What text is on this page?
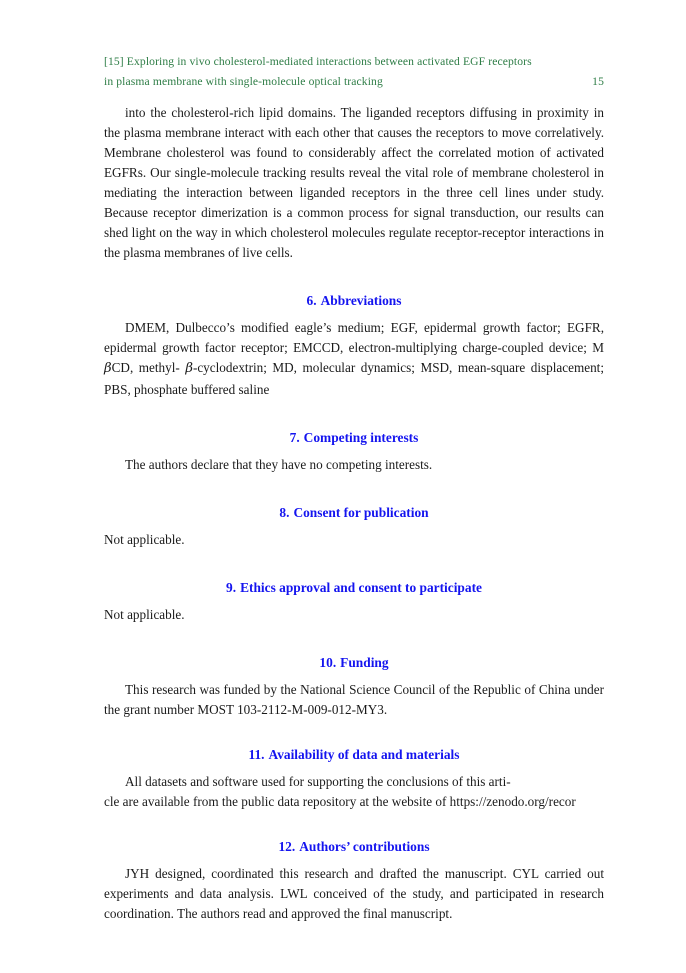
[15] Exploring in vivo cholesterol-mediated interactions between activated EGF receptors
in plasma membrane with single-molecule optical tracking	15

into the cholesterol-rich lipid domains. The liganded receptors diffusing in proximity in the plasma membrane interact with each other that causes the receptors to move correlatively. Membrane cholesterol was found to considerably affect the correlated motion of activated EGFRs. Our single-molecule tracking results reveal the vital role of membrane cholesterol in mediating the interaction between liganded receptors in the three cell lines under study. Because receptor dimerization is a common process for signal transduction, our results can shed light on the way in which cholesterol molecules regulate receptor-receptor interactions in the plasma membranes of live cells.

6. Abbreviations

DMEM, Dulbecco’s modified eagle’s medium; EGF, epidermal growth factor; EGFR, epidermal growth factor receptor; EMCCD, electron-multiplying charge-coupled device; M βCD, methyl- β-cyclodextrin; MD, molecular dynamics; MSD, mean-square displacement; PBS, phosphate buffered saline

7. Competing interests

The authors declare that they have no competing interests.

8. Consent for publication

Not applicable.

9. Ethics approval and consent to participate

Not applicable.

10. Funding

This research was funded by the National Science Council of the Republic of China under the grant number MOST 103-2112-M-009-012-MY3.

11. Availability of data and materials

All datasets and software used for supporting the conclusions of this arti-

cle are available from the public data repository at the website of https://zenodo.org/recor

12. Authors’ contributions

JYH designed, coordinated this research and drafted the manuscript. CYL carried out experiments and data analysis. LWL conceived of the study, and participated in research coordination. The authors read and approved the final manuscript.
